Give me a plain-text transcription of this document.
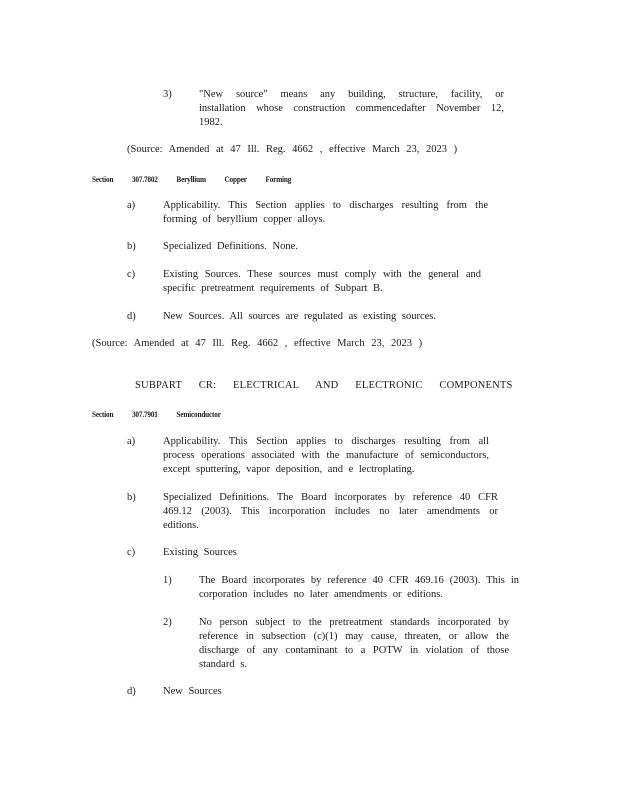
3)	"New source" means any building, structure, facility, or installation whose construction commencedafter November 12, 1982.
(Source: Amended at 47 Ill. Reg. 4662 , effective March 23, 2023 )
Section 307.7802 Beryllium Copper Forming
a)	Applicability. This Section applies to discharges resulting from the forming of beryllium copper alloys.
b)	Specialized Definitions. None.
c)	Existing Sources. These sources must comply with the general and specific pretreatment requirements of Subpart B.
d)	New Sources. All sources are regulated as existing sources.
(Source: Amended at 47 Ill. Reg. 4662 , effective March 23, 2023 )
SUBPART CR: ELECTRICAL AND ELECTRONIC COMPONENTS
Section 307.7901 Semiconductor
a)	Applicability. This Section applies to discharges resulting from all process operations associated with the manufacture of semiconductors, except sputtering, vapor deposition, and e lectroplating.
b)	Specialized Definitions. The Board incorporates by reference 40 CFR 469.12 (2003). This incorporation includes no later amendments or editions.
c)	Existing Sources
1)	The Board incorporates by reference 40 CFR 469.16 (2003). This in corporation includes no later amendments or editions.
2)	No person subject to the pretreatment standards incorporated by reference in subsection (c)(1) may cause, threaten, or allow the discharge of any contaminant to a POTW in violation of those standard s.
d)	New Sources
